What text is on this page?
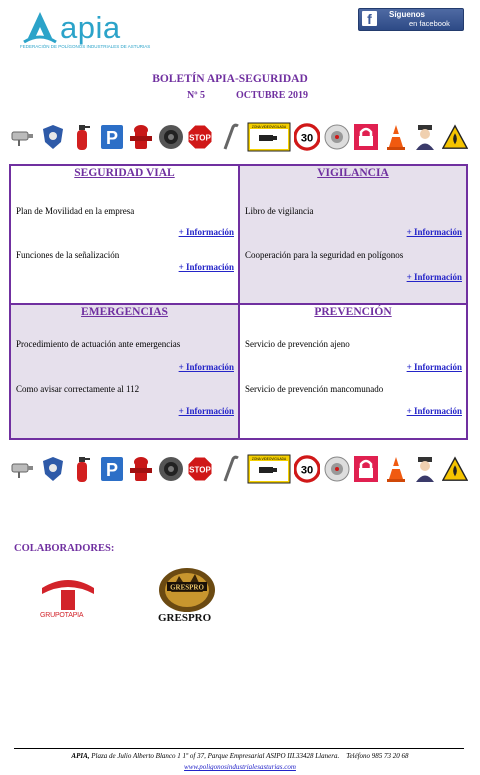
apia
FEDERACIÓN DE POLÍGONOS INDUSTRIALES DE ASTURIAS
f	Síguenos
en facebook
BOLETÍN APIA-SEGURIDAD
Nº 5	OCTUBRE 2019
P	STOP
ZONA VIDEOVIGILADA
30
P	STOP
ZONA VIDEOVIGILADA
30
SEGURIDAD VIAL
Plan de Movilidad en la empresa
+ Información
Funciones de la señalización
+ Información
VIGILANCIA
Libro de vigilancia
+ Información
Cooperación para la seguridad en polígonos
+ Información
EMERGENCIAS
Procedimiento de actuación ante emergencias
+ Información
Como avisar correctamente al 112
+ Información
PREVENCIÓN
Servicio de prevención ajeno
+ Información
Servicio de prevención mancomunado
+ Información
COLABORADORES:
GRUPOTAPIA
GRESPRO
GRESPRO
APIA, Plaza de Julio Alberto Blanco 1 1º of 37, Parque Empresarial ASIPO III.33428 Llanera. Teléfono 985 73 20 68
www.poligonosindustrialesasturias.com
